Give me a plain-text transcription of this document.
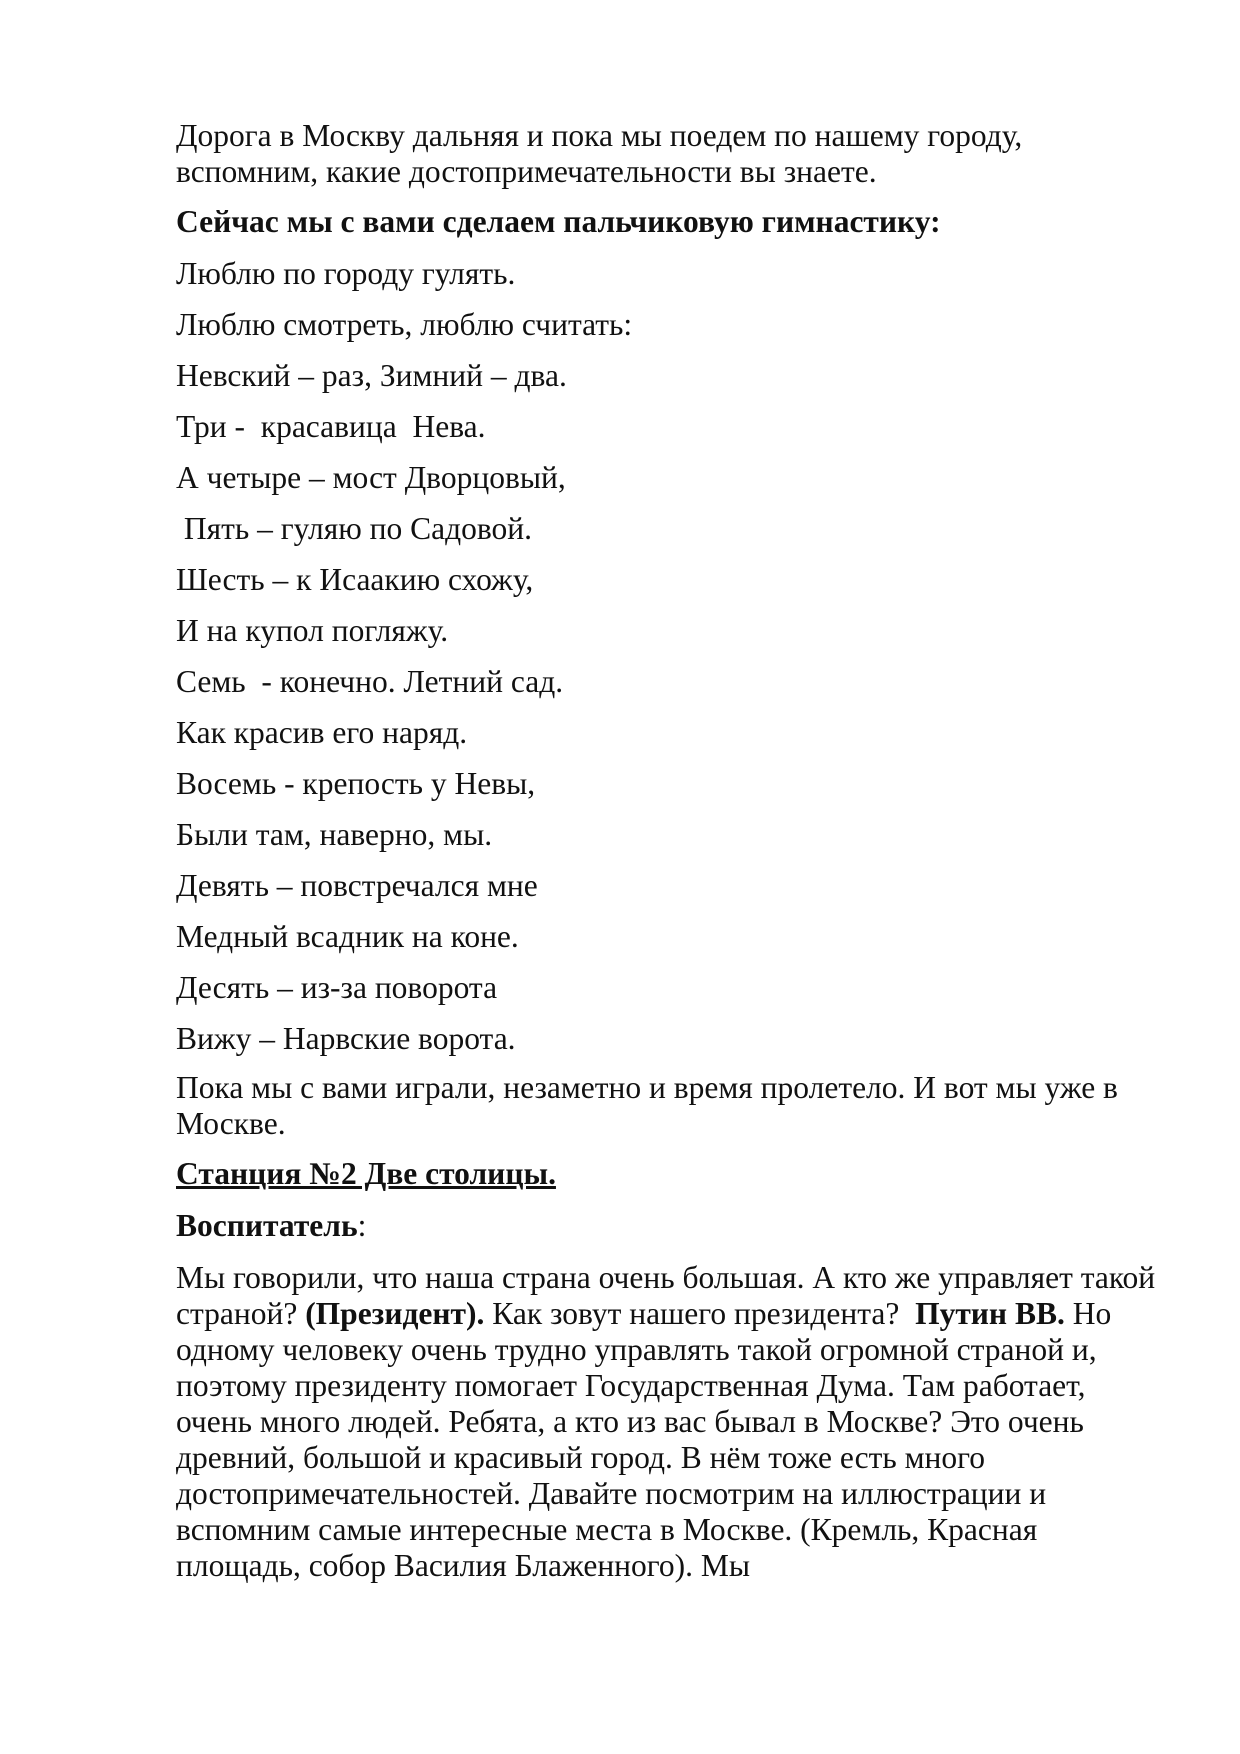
Дорога в Москву дальняя и пока мы поедем по нашему городу, вспомним, какие достопримечательности вы знаете.

Сейчас мы с вами сделаем пальчиковую гимнастику:

Люблю по городу гулять.
Люблю смотреть, люблю считать:
Невский – раз, Зимний – два.
Три -  красавица  Нева.
А четыре – мост Дворцовый,
Пять – гуляю по Садовой.
Шесть – к Исаакию схожу,
И на купол погляжу.
Семь  - конечно. Летний сад.
Как красив его наряд.
Восемь - крепость у Невы,
Были там, наверно, мы.
Девять – повстречался мне
Медный всадник на коне.
Десять – из-за поворота
Вижу – Нарвские ворота.

Пока мы с вами играли, незаметно и время пролетело. И вот мы уже в Москве.

Станция №2 Две столицы.

Воспитатель:

Мы говорили, что наша страна очень большая. А кто же управляет такой страной? (Президент). Как зовут нашего президента?  Путин ВВ. Но одному человеку очень трудно управлять такой огромной страной и, поэтому президенту помогает Государственная Дума. Там работает, очень много людей. Ребята, а кто из вас бывал в Москве? Это очень древний, большой и красивый город. В нём тоже есть много достопримечательностей. Давайте посмотрим на иллюстрации и вспомним самые интересные места в Москве. (Кремль, Красная площадь, собор Василия Блаженного). Мы
